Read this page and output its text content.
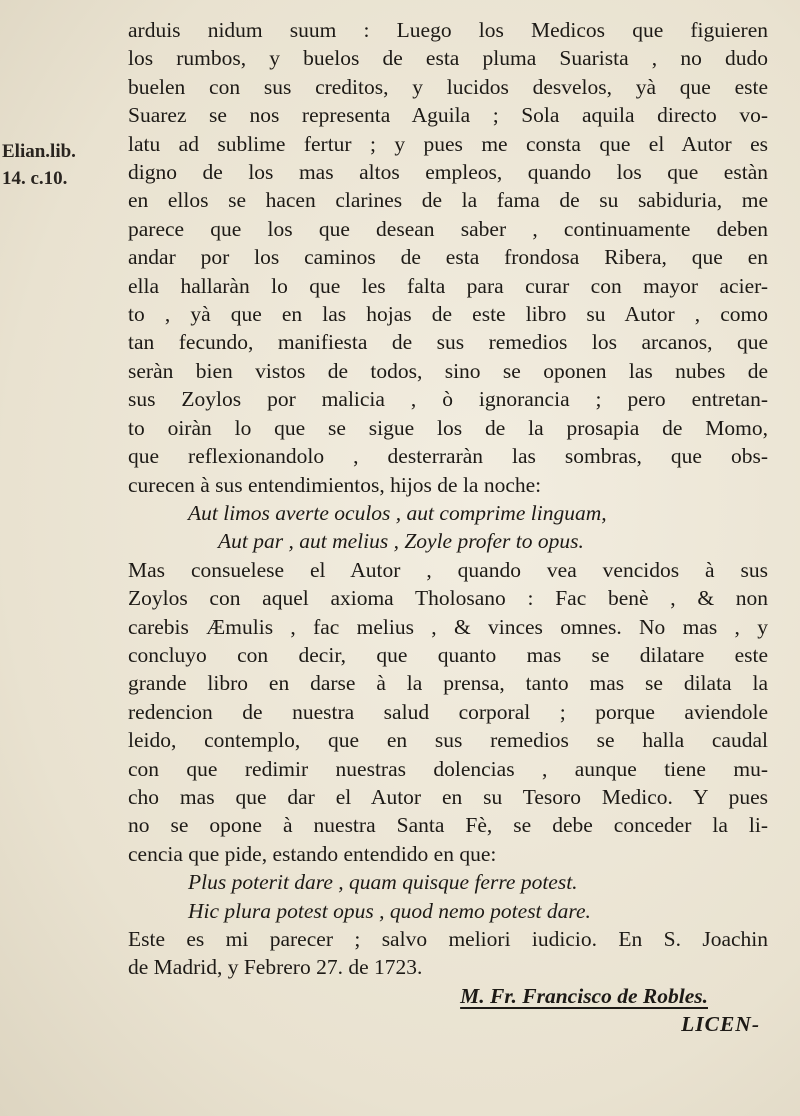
Elian.lib.
14. c.10.
arduis nidum suum : Luego los Medicos que figuieren
los rumbos, y buelos de esta pluma Suarista , no dudo
buelen con sus creditos, y lucidos desvelos, yà que este
Suarez se nos representa Aguila ; Sola aquila directo vo-
latu ad sublime fertur ; y pues me consta que el Autor es
digno de los mas altos empleos, quando los que estàn
en ellos se hacen clarines de la fama de su sabiduria, me
parece que los que desean saber , continuamente deben
andar por los caminos de esta frondosa Ribera, que en
ella hallaràn lo que les falta para curar con mayor acier-
to , yà que en las hojas de este libro su Autor , como
tan fecundo, manifiesta de sus remedios los arcanos, que
seràn bien vistos de todos, sino se oponen las nubes de
sus Zoylos por malicia , ò ignorancia ; pero entretan-
to oiràn lo que se sigue los de la prosapia de Momo,
que reflexionandolo , desterraràn las sombras, que obs-
curecen à sus entendimientos, hijos de la noche:
Aut limos averte oculos , aut comprime linguam,
Aut par , aut melius , Zoyle profer to opus.
Mas consuelese el Autor , quando vea vencidos à sus
Zoylos con aquel axioma Tholosano : Fac benè , & non
carebis Æmulis , fac melius , & vinces omnes. No mas , y
concluyo con decir, que quanto mas se dilatare este
grande libro en darse à la prensa, tanto mas se dilata la
redencion de nuestra salud corporal ; porque aviendole
leido, contemplo, que en sus remedios se halla caudal
con que redimir nuestras dolencias , aunque tiene mu-
cho mas que dar el Autor en su Tesoro Medico. Y pues
no se opone à nuestra Santa Fè, se debe conceder la li-
cencia que pide, estando entendido en que:
Plus poterit dare , quam quisque ferre potest.
Hic plura potest opus , quod nemo potest dare.
Este es mi parecer ; salvo meliori iudicio. En S. Joachin
de Madrid, y Febrero 27. de 1723.
M. Fr. Francisco de Robles.
LICEN-
